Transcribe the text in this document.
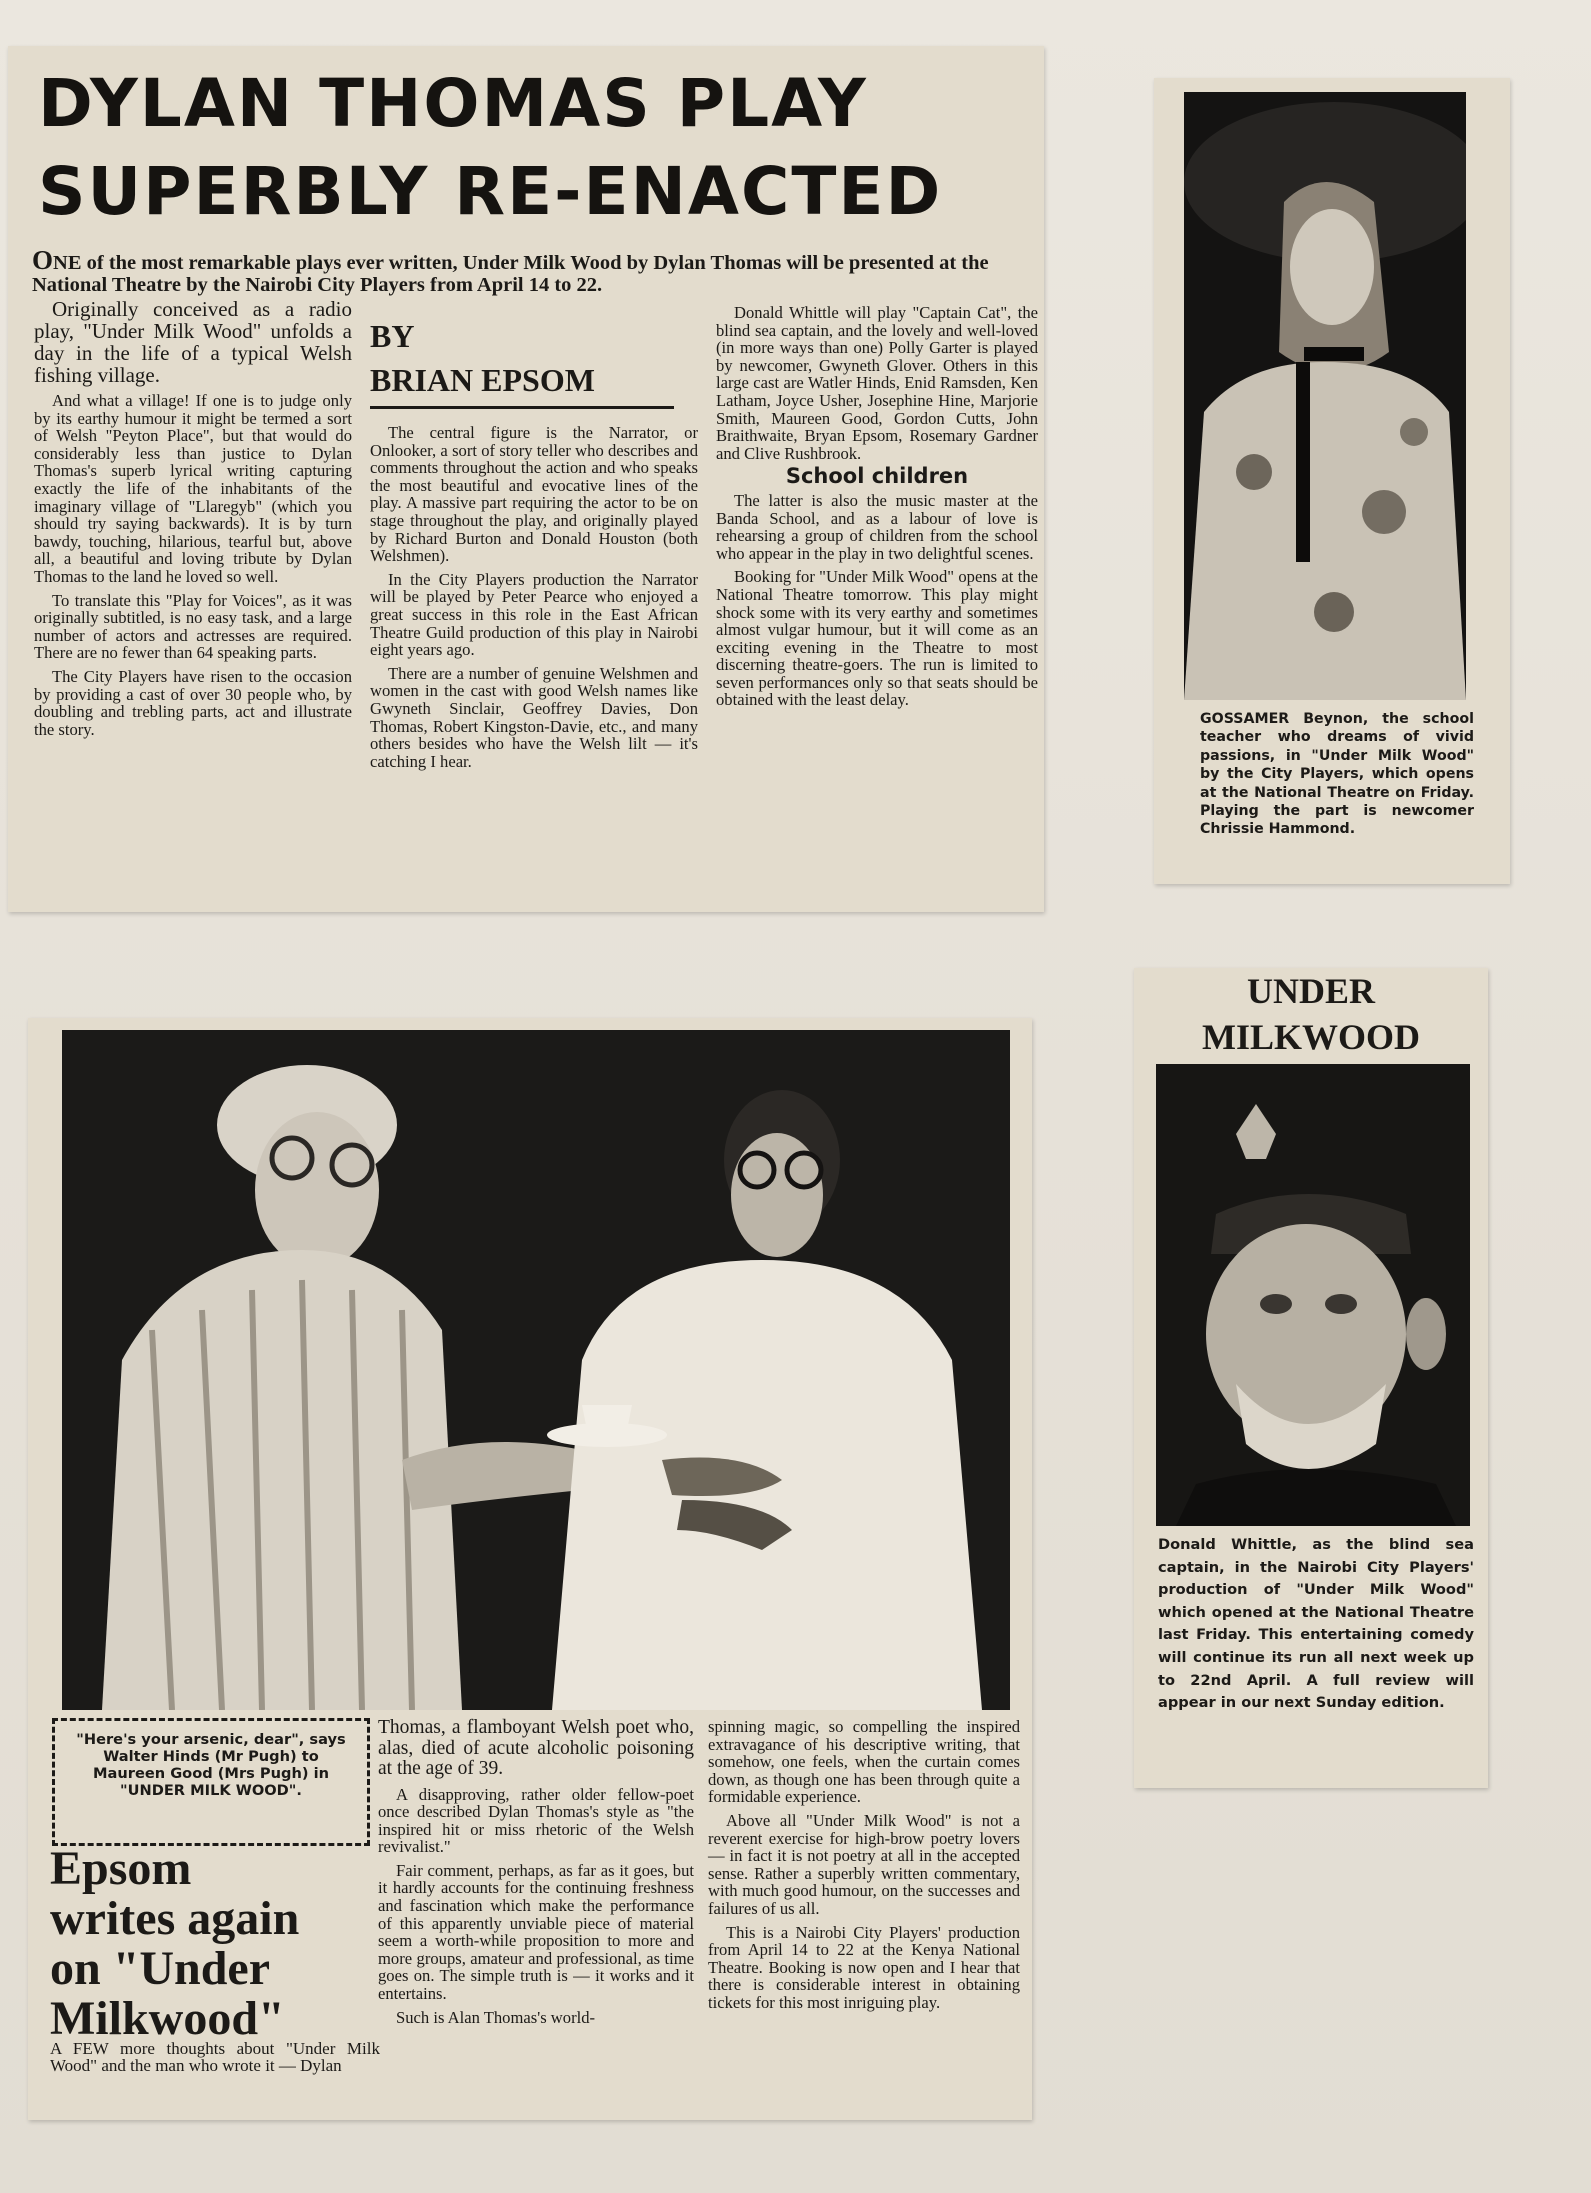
DYLAN THOMAS PLAY
SUPERBLY RE-ENACTED

ONE of the most remarkable plays ever written, Under Milk Wood by Dylan Thomas will be presented at the National Theatre by the Nairobi City Players from April 14 to 22.

Originally conceived as a radio play, "Under Milk Wood" unfolds a day in the life of a typical Welsh fishing village.

And what a village! If one is to judge only by its earthy humour it might be termed a sort of Welsh "Peyton Place", but that would do considerably less than justice to Dylan Thomas's superb lyrical writing capturing exactly the life of the inhabitants of the imaginary village of "Llaregyb" (which you should try saying backwards). It is by turn bawdy, touching, hilarious, tearful but, above all, a beautiful and loving tribute by Dylan Thomas to the land he loved so well.

To translate this "Play for Voices", as it was originally subtitled, is no easy task, and a large number of actors and actresses are required. There are no fewer than 64 speaking parts.

The City Players have risen to the occasion by providing a cast of over 30 people who, by doubling and trebling parts, act and illustrate the story.

BY
BRIAN EPSOM

The central figure is the Narrator, or Onlooker, a sort of story teller who describes and comments throughout the action and who speaks the most beautiful and evocative lines of the play. A massive part requiring the actor to be on stage throughout the play, and originally played by Richard Burton and Donald Houston (both Welshmen).

In the City Players production the Narrator will be played by Peter Pearce who enjoyed a great success in this role in the East African Theatre Guild production of this play in Nairobi eight years ago.

There are a number of genuine Welshmen and women in the cast with good Welsh names like Gwyneth Sinclair, Geoffrey Davies, Don Thomas, Robert Kingston-Davie, etc., and many others besides who have the Welsh lilt — it's catching I hear.

Donald Whittle will play "Captain Cat", the blind sea captain, and the lovely and well-loved (in more ways than one) Polly Garter is played by newcomer, Gwyneth Glover. Others in this large cast are Watler Hinds, Enid Ramsden, Ken Latham, Joyce Usher, Josephine Hine, Marjorie Smith, Maureen Good, Gordon Cutts, John Braithwaite, Bryan Epsom, Rosemary Gardner and Clive Rushbrook.

School children

The latter is also the music master at the Banda School, and as a labour of love is rehearsing a group of children from the school who appear in the play in two delightful scenes.

Booking for "Under Milk Wood" opens at the National Theatre tomorrow. This play might shock some with its very earthy and sometimes almost vulgar humour, but it will come as an exciting evening in the Theatre to most discerning theatre-goers. The run is limited to seven performances only so that seats should be obtained with the least delay.

GOSSAMER Beynon, the school teacher who dreams of vivid passions, in "Under Milk Wood" by the City Players, which opens at the National Theatre on Friday. Playing the part is newcomer Chrissie Hammond.

"Here's your arsenic, dear", says Walter Hinds (Mr Pugh) to Maureen Good (Mrs Pugh) in "UNDER MILK WOOD".
Epsom
writes again
on "Under
Milkwood"

A FEW more thoughts about "Under Milk Wood" and the man who wrote it — Dylan

Thomas, a flamboyant Welsh poet who, alas, died of acute alcoholic poisoning at the age of 39.

A disapproving, rather older fellow-poet once described Dylan Thomas's style as "the inspired hit or miss rhetoric of the Welsh revivalist."

Fair comment, perhaps, as far as it goes, but it hardly accounts for the continuing freshness and fascination which make the performance of this apparently unviable piece of material seem a worth-while proposition to more and more groups, amateur and professional, as time goes on. The simple truth is — it works and it entertains.

Such is Alan Thomas's world-

spinning magic, so compelling the inspired extravagance of his descriptive writing, that somehow, one feels, when the curtain comes down, as though one has been through quite a formidable experience.

Above all "Under Milk Wood" is not a reverent exercise for high-brow poetry lovers — in fact it is not poetry at all in the accepted sense. Rather a superbly written commentary, with much good humour, on the successes and failures of us all.

This is a Nairobi City Players' production from April 14 to 22 at the Kenya National Theatre. Booking is now open and I hear that there is considerable interest in obtaining tickets for this most inriguing play.

UNDER
MILKWOOD

Donald Whittle, as the blind sea captain, in the Nairobi City Players' production of "Under Milk Wood" which opened at the National Theatre last Friday. This entertaining comedy will continue its run all next week up to 22nd April. A full review will appear in our next Sunday edition.
